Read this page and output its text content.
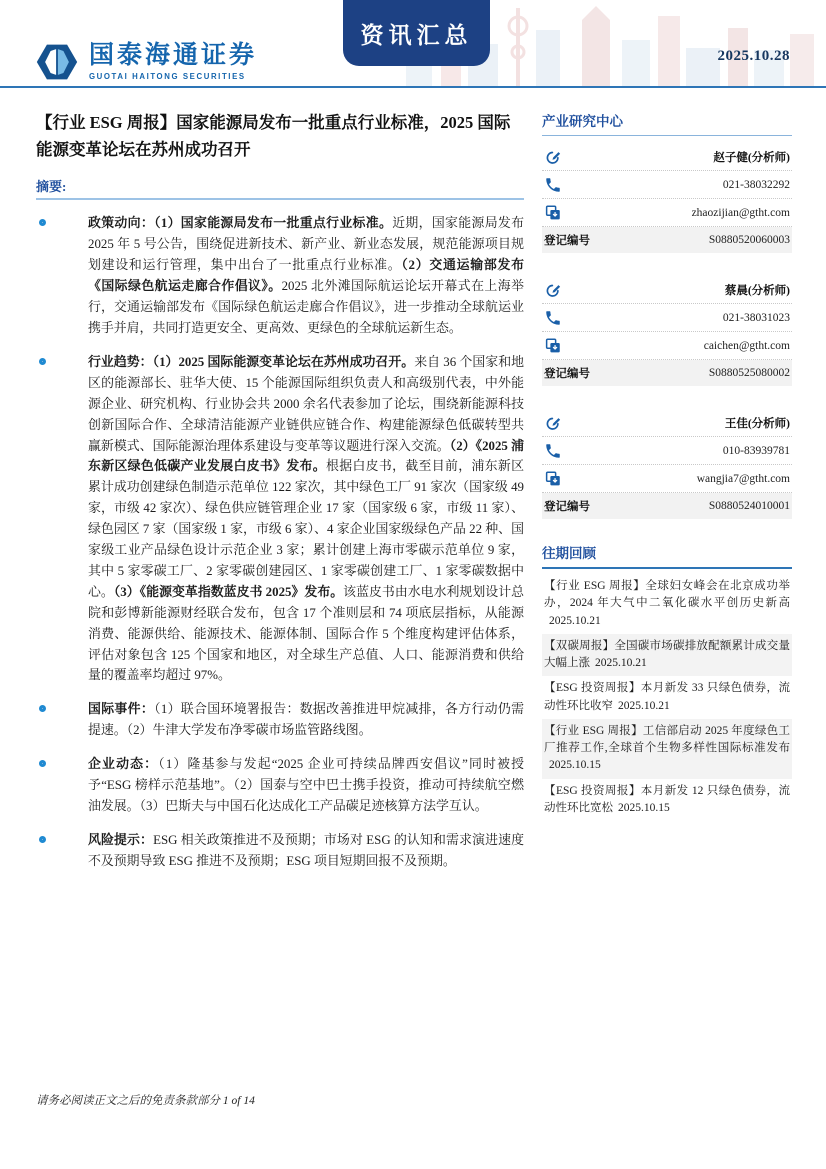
国泰海通证券
GUOTAI HAITONG SECURITIES
资讯汇总
2025.10.28
【行业 ESG 周报】国家能源局发布一批重点行业标准，2025 国际能源变革论坛在苏州成功召开
摘要:
政策动向：（1）国家能源局发布一批重点行业标准。近期，国家能源局发布 2025 年 5 号公告，围绕促进新技术、新产业、新业态发展，规范能源项目规划建设和运行管理，集中出台了一批重点行业标准。（2）交通运输部发布《国际绿色航运走廊合作倡议》。2025 北外滩国际航运论坛开幕式在上海举行，交通运输部发布《国际绿色航运走廊合作倡议》，进一步推动全球航运业携手并肩，共同打造更安全、更高效、更绿色的全球航运新生态。
行业趋势：（1）2025 国际能源变革论坛在苏州成功召开。来自 36 个国家和地区的能源部长、驻华大使、15 个能源国际组织负责人和高级别代表，中外能源企业、研究机构、行业协会共 2000 余名代表参加了论坛，围绕新能源科技创新国际合作、全球清洁能源产业链供应链合作、构建能源绿色低碳转型共赢新模式、国际能源治理体系建设与变革等议题进行深入交流。（2）《2025 浦东新区绿色低碳产业发展白皮书》发布。根据白皮书，截至目前，浦东新区累计成功创建绿色制造示范单位 122 家次，其中绿色工厂 91 家次（国家级 49 家，市级 42 家次）、绿色供应链管理企业 17 家（国家级 6 家，市级 11 家）、绿色园区 7 家（国家级 1 家，市级 6 家）、4 家企业国家级绿色产品 22 种、国家级工业产品绿色设计示范企业 3 家；累计创建上海市零碳示范单位 9 家，其中 5 家零碳工厂、2 家零碳创建园区、1 家零碳创建工厂、1 家零碳数据中心。（3）《能源变革指数蓝皮书 2025》发布。该蓝皮书由水电水利规划设计总院和彭博新能源财经联合发布，包含 17 个准则层和 74 项底层指标，从能源消费、能源供给、能源技术、能源体制、国际合作 5 个维度构建评估体系，评估对象包含 125 个国家和地区，对全球生产总值、人口、能源消费和供给量的覆盖率均超过 97%。
国际事件：（1）联合国环境署报告：数据改善推进甲烷减排，各方行动仍需提速。（2）牛津大学发布净零碳市场监管路线图。
企业动态：（1）隆基参与发起“2025 企业可持续品牌西安倡议”同时被授予“ESG 榜样示范基地”。（2）国泰与空中巴士携手投资，推动可持续航空燃油发展。（3）巴斯夫与中国石化达成化工产品碳足迹核算方法学互认。
风险提示：ESG 相关政策推进不及预期；市场对 ESG 的认知和需求演进速度不及预期导致 ESG 推进不及预期；ESG 项目短期回报不及预期。
产业研究中心
赵子健(分析师)
021-38032292
zhaozijian@gtht.com
登记编号	S0880520060003
蔡晨(分析师)
021-38031023
caichen@gtht.com
登记编号	S0880525080002
王佳(分析师)
010-83939781
wangjia7@gtht.com
登记编号	S0880524010001
往期回顾
【行业 ESG 周报】全球妇女峰会在北京成功举办，2024 年大气中二氧化碳水平创历史新高2025.10.21
【双碳周报】全国碳市场碳排放配额累计成交量大幅上涨 2025.10.21
【ESG 投资周报】本月新发 33 只绿色债券，流动性环比收窄 2025.10.21
【行业 ESG 周报】工信部启动 2025 年度绿色工厂推荐工作,全球首个生物多样性国际标准发布2025.10.15
【ESG 投资周报】本月新发 12 只绿色债券，流动性环比宽松 2025.10.15
请务必阅读正文之后的免责条款部分 1 of 14
